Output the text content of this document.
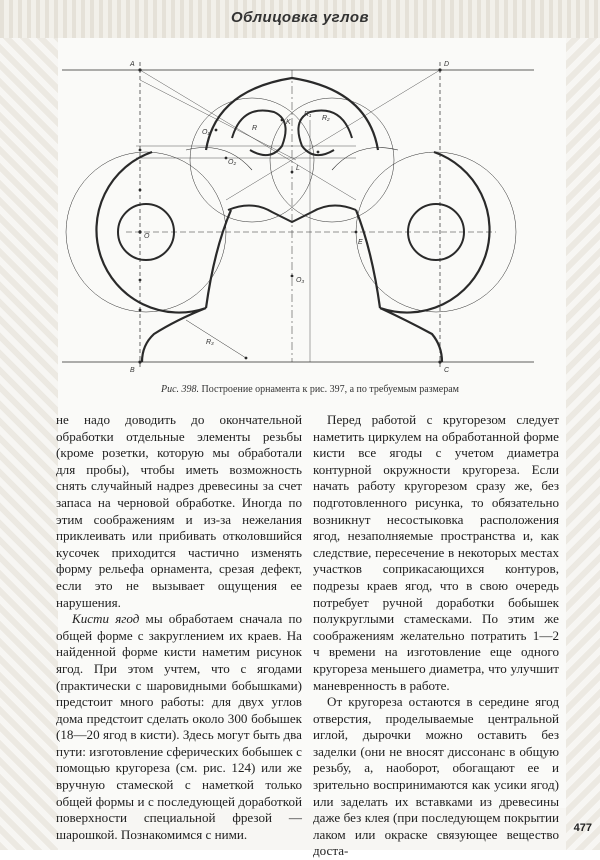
Облицовка углов
A
B
D
C
O
O₁
O₂
O₃
K
L
E
R
R₁
R₂
R₃
Рис. 398. Построение орнамента к рис. 397, а по требуемым размерам

не надо доводить до окончательной обработки отдельные элементы резьбы (кроме розетки, которую мы обработали для пробы), чтобы иметь возможность снять случайный надрез древесины за счет запаса на черновой обработке. Иногда по этим соображениям и из-за нежелания приклеивать или прибивать отколовшийся кусочек приходится частично изменять форму рельефа орнамента, срезая дефект, если это не вызывает ощущения ее нарушения.

Кисти ягод мы обработаем сначала по общей форме с закруглением их краев. На найденной форме кисти наметим рисунок ягод. При этом учтем, что с ягодами (практически с шаровидными бобышками) предстоит много работы: для двух углов дома предстоит сделать около 300 бобышек (18—20 ягод в кисти). Здесь могут быть два пути: изготовление сферических бобышек с помощью кругореза (см. рис. 124) или же вручную стамеской с наметкой только общей формы и с последующей доработкой поверхности специальной фрезой — шарошкой. Познакомимся с ними.

Перед работой с кругорезом следует наметить циркулем на обработанной форме кисти все ягоды с учетом диаметра контурной окружности кругореза. Если начать работу кругорезом сразу же, без подготовленного рисунка, то обязательно возникнут несостыковка расположения ягод, незаполняемые пространства и, как следствие, пересечение в некоторых местах участков соприкасающихся контуров, подрезы краев ягод, что в свою очередь потребует ручной доработки бобышек полукруглыми стамесками. По этим же соображениям желательно потратить 1—2 ч времени на изготовление еще одного кругореза меньшего диаметра, что улучшит маневренность в работе.

От кругореза остаются в середине ягод отверстия, проделываемые центральной иглой, дырочки можно оставить без заделки (они не вносят диссонанс в общую резьбу, а, наоборот, обогащают ее и зрительно воспринимаются как усики ягод) или заделать их вставками из древесины даже без клея (при последующем покрытии лаком или окраске связующее вещество доста-

477
